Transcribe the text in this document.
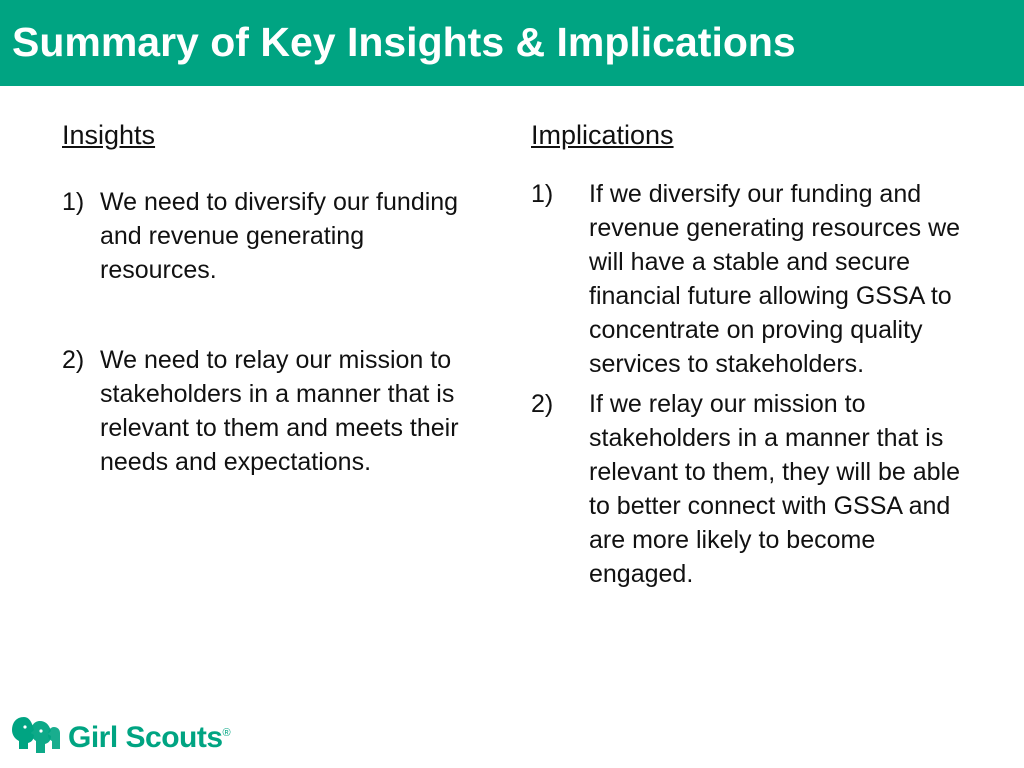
Summary of Key Insights & Implications
Insights
1) We need to diversify our funding and revenue generating resources.
2) We need to relay our mission to stakeholders in a manner that is relevant to them and meets their needs and expectations.
Implications
1) If we diversify our funding and revenue generating resources we will have a stable and secure financial future allowing GSSA to concentrate on proving quality services to stakeholders.
2) If we relay our mission to stakeholders in a manner that is relevant to them, they will be able to better connect with GSSA and are more likely to become engaged.
Girl Scouts®
